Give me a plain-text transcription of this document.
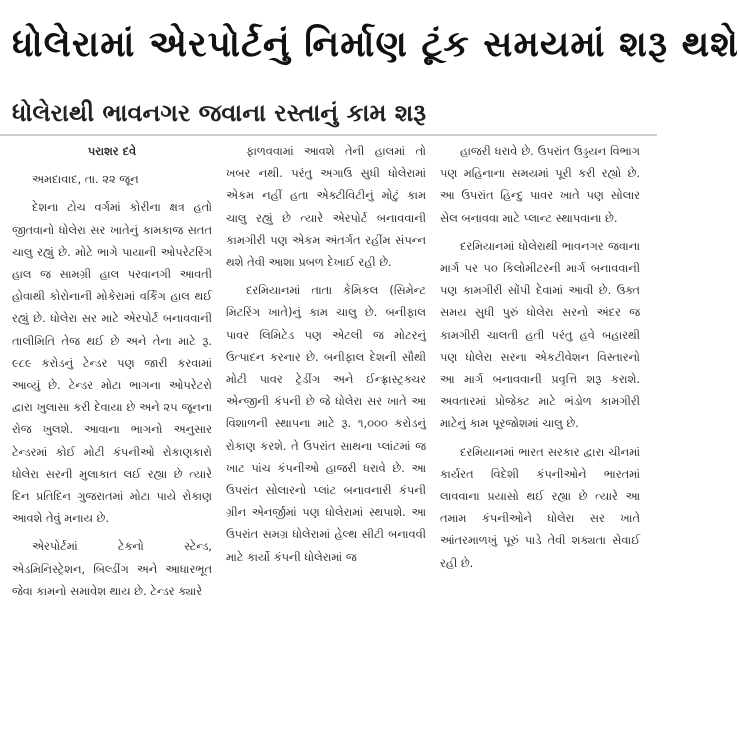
ધોલેરામાં એરપોર્ટનું નિર્માણ ટૂંક સમયમાં શરૂ થશે
ધોલેરાથી ભાવનગર જવાના રસ્તાનું કામ શરૂ

પરાશર દવે

અમદાવાદ, તા. ૨૨ જૂન

દેશના ટોચ વર્ગમાં કોરીના ક્ષત્ર હતો જીતવાનો ધોલેરા સર ખાતેનું કામકાજ સતત ચાલુ રહ્યું છે. મોટે ભાગે પાયાની ઓપરેટરિંગ હાલ જ સામગ્રી હાલ પરવાનગી આવતી હોવાથી કોરોનાની મોકેરામાં વર્કિંગ હાલ થઈ રહ્યું છે. ધોલેરા સર માટે એરપોર્ટ બનાવવાની તાલીમિતિ તેજ થઈ છે અને તેના માટે રૂ. ૯૮૯ કરોડનું ટેન્ડર પણ જારી કરવામાં આવ્યું છે. ટેન્ડર મોટા ભાગના ઓપરેટરો દ્વારા ખુલાસા કરી દેવાયા છે અને ૨૫ જૂનના રોજ ખુલશે. આવાના ભાગનો અનુસાર ટેન્ડરમાં કોઈ મોટી કંપનીઓ રોકાણકારો ધોલેરા સરની મુલાકાત લઈ રહ્યા છે ત્યારે દિન પ્રતિદિન ગુજરાતમાં મોટા પાયે રોકાણ આવશે તેવું મનાય છે.

એરપોર્ટમાં ટેકનો સ્ટેન્ડ, એડમિનિસ્ટ્રેશન, બિલ્ડીંગ અને આધારભૂત જેવા કામનો સમાવેશ થાય છે. ટેન્ડર ક્યારે

ફાળવવામાં આવશે તેની હાલમાં તો ખબર નથી. પરંતુ અગાઉ સુધી ધોલેરામાં એકમ નહીં હતા એક્ટીવિટીનું મોટું કામ ચાલુ રહ્યું છે ત્યારે એરપોર્ટ બનાવવાની કામગીરી પણ એકમ અંતર્ગત રહીંમ સંપન્ન થશે તેવી આશા પ્રબળ દેખાઈ રહી છે.

દરમિયાનમાં તાતા કેમિકલ (સિમેન્ટ મિટરિંગ ખાતે)નું કામ ચાલુ છે. બનીફાલ પાવર લિમિટેડ પણ એટલી જ મોટરનું ઉત્પાદન કરનાર છે. બનીફાલ દેશની સૌથી મોટી પાવર ટ્રેડીંગ અને ઈન્ફ્રાસ્ટ્રક્ચર એન્જીની કંપની છે જે ધોલેરા સર ખાતે આ વિશાળની સ્થાપના માટે રૂ. ૧,૦૦૦ કરોડનું રોકાણ કરશે. તે ઉપરાંત સાથના પ્લાંટમાં જ ખાટ પાંચ કંપનીઓ હાજરી ધરાવે છે. આ ઉપરાંત સોલારનો પ્લાંટ બનાવનારી કંપની ગ્રીન એનર્જીમાં પણ ધોલેરામાં સ્થપાશે. આ ઉપરાંત સમગ્ર ધોલેરામાં હેલ્થ સીટી બનાવવી માટે કાર્યો કંપની ધોલેરામાં જ

હાજરી ધરાવે છે. ઉપરાંત ઉડ્ડયન વિભાગ પણ મહિનાના સમયમાં પૂરી કરી રહ્યો છે. આ ઉપરાંત હિન્દુ પાવર ખાતે પણ સોલાર સેલ બનાવવા માટે પ્લાન્ટ સ્થાપવાના છે.

દરમિયાનમાં ધોલેરાથી ભાવનગર જવાના માર્ગ પર ૫૦ કિલોમીટરની માર્ગ બનાવવાની પણ કામગીરી સોંપી દેવામાં આવી છે. ઉક્ત સમય સુધી પુરું ધોલેરા સરનો અંદર જ કામગીરી ચાલતી હતી પરંતુ હવે બહારથી પણ ધોલેરા સરના એકટીવેશન વિસ્તારનો આ માર્ગ બનાવવાની પ્રવૃત્તિ શરૂ કરાશે. અવતારમાં પ્રોજેક્ટ માટે ભંડોળ કામગીરી માટેનું કામ પૂરજોશમાં ચાલુ છે.

દરમિયાનમાં ભારત સરકાર દ્વારા ચીનમાં કાર્યરત વિદેશી કંપનીઓને ભારતમાં લાવવાના પ્રયાસો થઈ રહ્યા છે ત્યારે આ તમામ કંપનીઓને ધોલેરા સર ખાતે આંતરમાળખું પૂરું પાડે તેવી શક્યતા સેવાઈ રહી છે.
